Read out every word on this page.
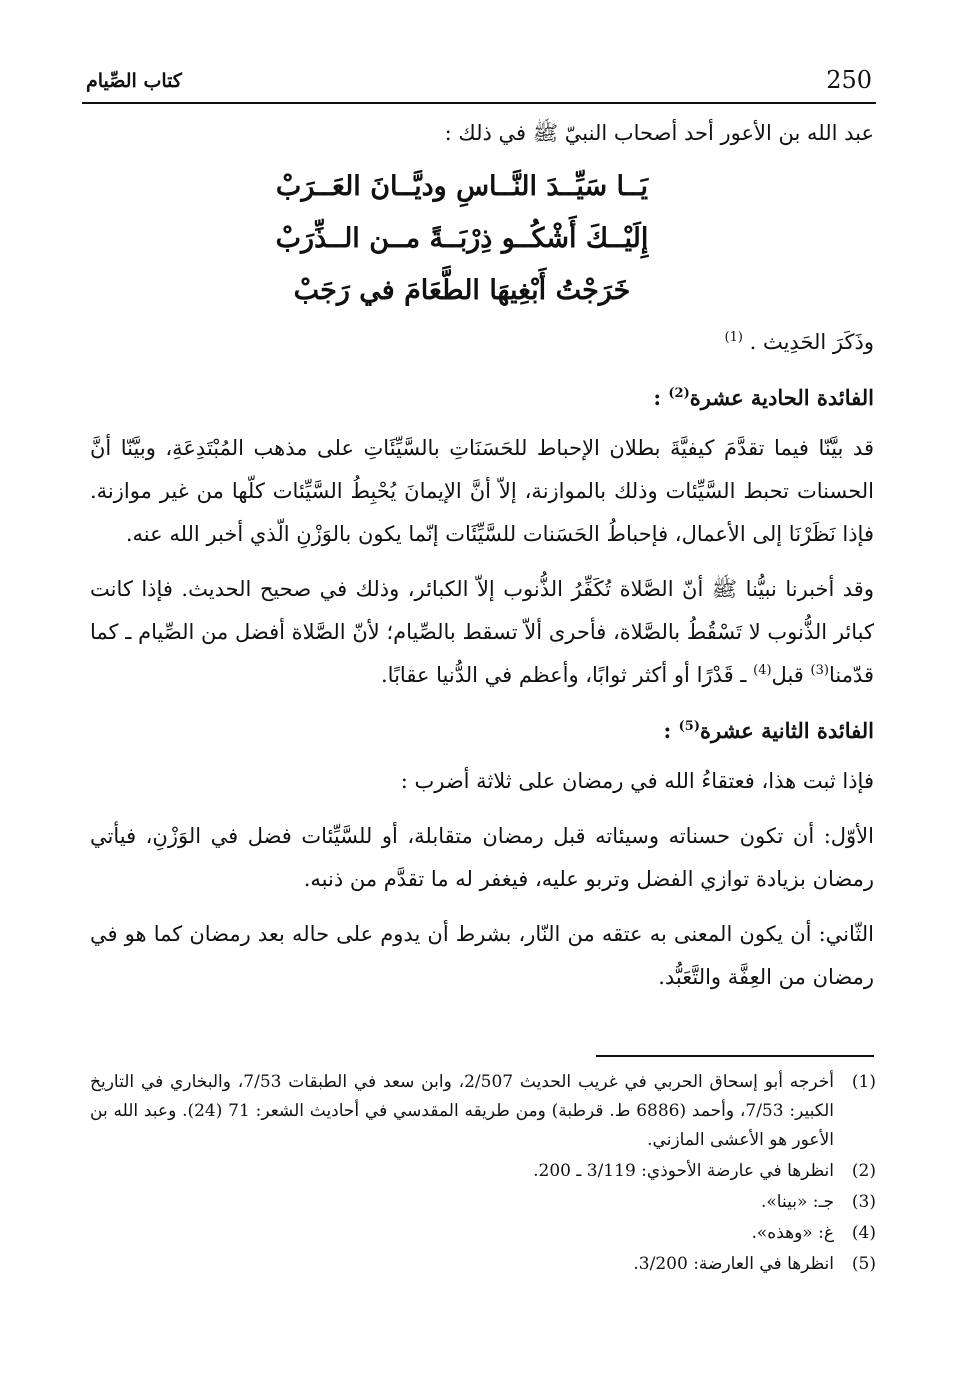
250
كتاب الصِّيام

عبد الله بن الأعور أحد أصحاب النبيّ ﷺ في ذلك :

يَــا سَيِّــدَ النَّــاسِ وديَّــانَ العَــرَبْ

إِلَيْــكَ أَشْكُــو ذِرْبَــةً مــن الــذِّرَبْ

خَرَجْتُ أَبْغِيهَا الطَّعَامَ في رَجَبْ

وذَكَرَ الحَدِيث . $^{(1)}$

الفائدة الحادية عشرة$^{(2)}$ :

قد بيَّنّا فيما تقدَّمَ كيفيَّةَ بطلان الإحباط للحَسَنَاتِ بالسَّيِّئَاتِ على مذهب المُبْتَدِعَةِ، وبيَّنّا أنَّ الحسنات تحبط السَّيِّئات وذلك بالموازنة، إلاّ أنَّ الإيمانَ يُحْبِطُ السَّيِّئات كلّها من غير موازنة. فإذا نَظَرْنَا إلى الأعمال، فإحباطُ الحَسَنات للسَّيِّئَات إنّما يكون بالوَزْنِ الّذي أخبر الله عنه.

وقد أخبرنا نبيُّنا ﷺ أنّ الصَّلاة تُكَفِّرُ الذُّنوب إلاّ الكبائر، وذلك في صحيح الحديث. فإذا كانت كبائر الذُّنوب لا تَسْقُطُ بالصَّلاة، فأحرى ألاّ تسقط بالصِّيام؛ لأنّ الصَّلاة أفضل من الصِّيام ـ كما قدّمنا$^{(3)}$ قبل$^{(4)}$ ـ قَدْرًا أو أكثر ثوابًا، وأعظم في الدُّنيا عقابًا.

الفائدة الثانية عشرة$^{(5)}$ :

فإذا ثبت هذا، فعتقاءُ الله في رمضان على ثلاثة أضرب :

الأوّل: أن تكون حسناته وسيئاته قبل رمضان متقابلة، أو للسَّيِّئات فضل في الوَزْنِ، فيأتي رمضان بزيادة توازي الفضل وتربو عليه، فيغفر له ما تقدَّم من ذنبه.

الثّاني: أن يكون المعنى به عتقه من النّار، بشرط أن يدوم على حاله بعد رمضان كما هو في رمضان من العِفَّة والتَّعَبُّد.

(1)
أخرجه أبو إسحاق الحربي في غريب الحديث 2/507، وابن سعد في الطبقات 7/53، والبخاري في التاريخ الكبير: 7/53، وأحمد (6886 ط. قرطبة) ومن طريقه المقدسي في أحاديث الشعر: 71 (24). وعبد الله بن الأعور هو الأعشى المازني.
(2)
انظرها في عارضة الأحوذي: 3/119 ـ 200.
(3)
جـ: «بينا».
(4)
غ: «وهذه».
(5)
انظرها في العارضة: 3/200.
